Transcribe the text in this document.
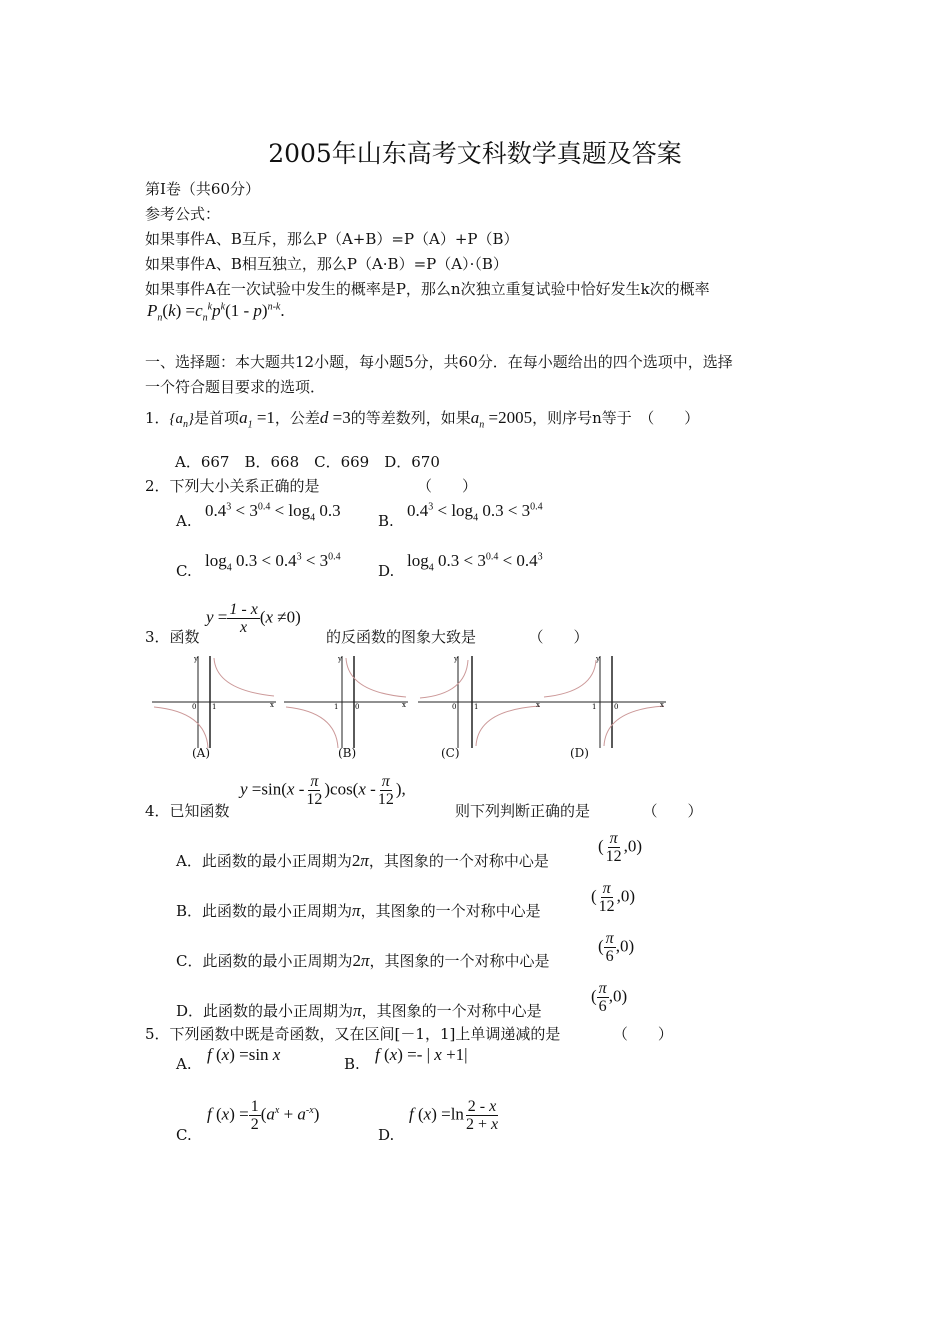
2005年山东高考文科数学真题及答案
第I卷（共60分）
参考公式：
如果事件A、B互斥，那么P（A+B）=P（A）+P（B）
如果事件A、B相互独立，那么P（A·B）=P（A）·（B）
如果事件A在一次试验中发生的概率是P，那么n次独立重复试验中恰好发生k次的概率
$P_n(k) =c_n^kp^k(1 - p)^{n-k}$.
一、选择题：本大题共12小题，每小题5分，共60分．在每小题给出的四个选项中，选择
一个符合题目要求的选项．
1．$\{a_n\}$是首项$a_1 =1$，公差d =3的等差数列，如果$a_n =2005$，则序号n等于　（　　）
A．667　B．668　C．669　D．670
2．下列大小关系正确的是　　　　　　　（　　）
A.
$0.4^3 < 3^{0.4} < \log_4 0.3$
B.
$0.4^3 < \log_4 0.3 < 3^{0.4}$
C.
$\log_4 0.3 < 0.4^3 < 3^{0.4}$
D.
$\log_4 0.3 < 3^{0.4} < 0.4^3$
3．函数
$y = \frac{1 - x}{x} (x \ne 0)$
的反函数的图象大致是　　　　（　　）
y
x
0 1
y
x
1 0
y
x
0	1
y
x
1	0
(A)	(B)	(C)	(D)
4．已知函数
$y =\sin(x - \frac{\pi}{12} )\cos(x - \frac{\pi}{12}$ ),
则下列判断正确的是　　　　（　　）
A．此函数的最小正周期为2π，其图象的一个对称中心是
( $\frac{\pi}{12} ,0$)
B．此函数的最小正周期为π，其图象的一个对称中心是
( $\frac{\pi}{12} ,0$)
C．此函数的最小正周期为2π，其图象的一个对称中心是
( $\frac{\pi}{6} ,0$)
D．此函数的最小正周期为π，其图象的一个对称中心是
( $\frac{\pi}{6} ,0$)
5．下列函数中既是奇函数，又在区间[－1，1]上单调递减的是　　　　（　　）
A. f (x) =sin x	B. f (x) =- | x +1|
C.
f $(x) = \frac{1}{2} (a^x + a^{-x})$
D.
f $(x) =\ln \frac{2 - x}{2 + x}$
